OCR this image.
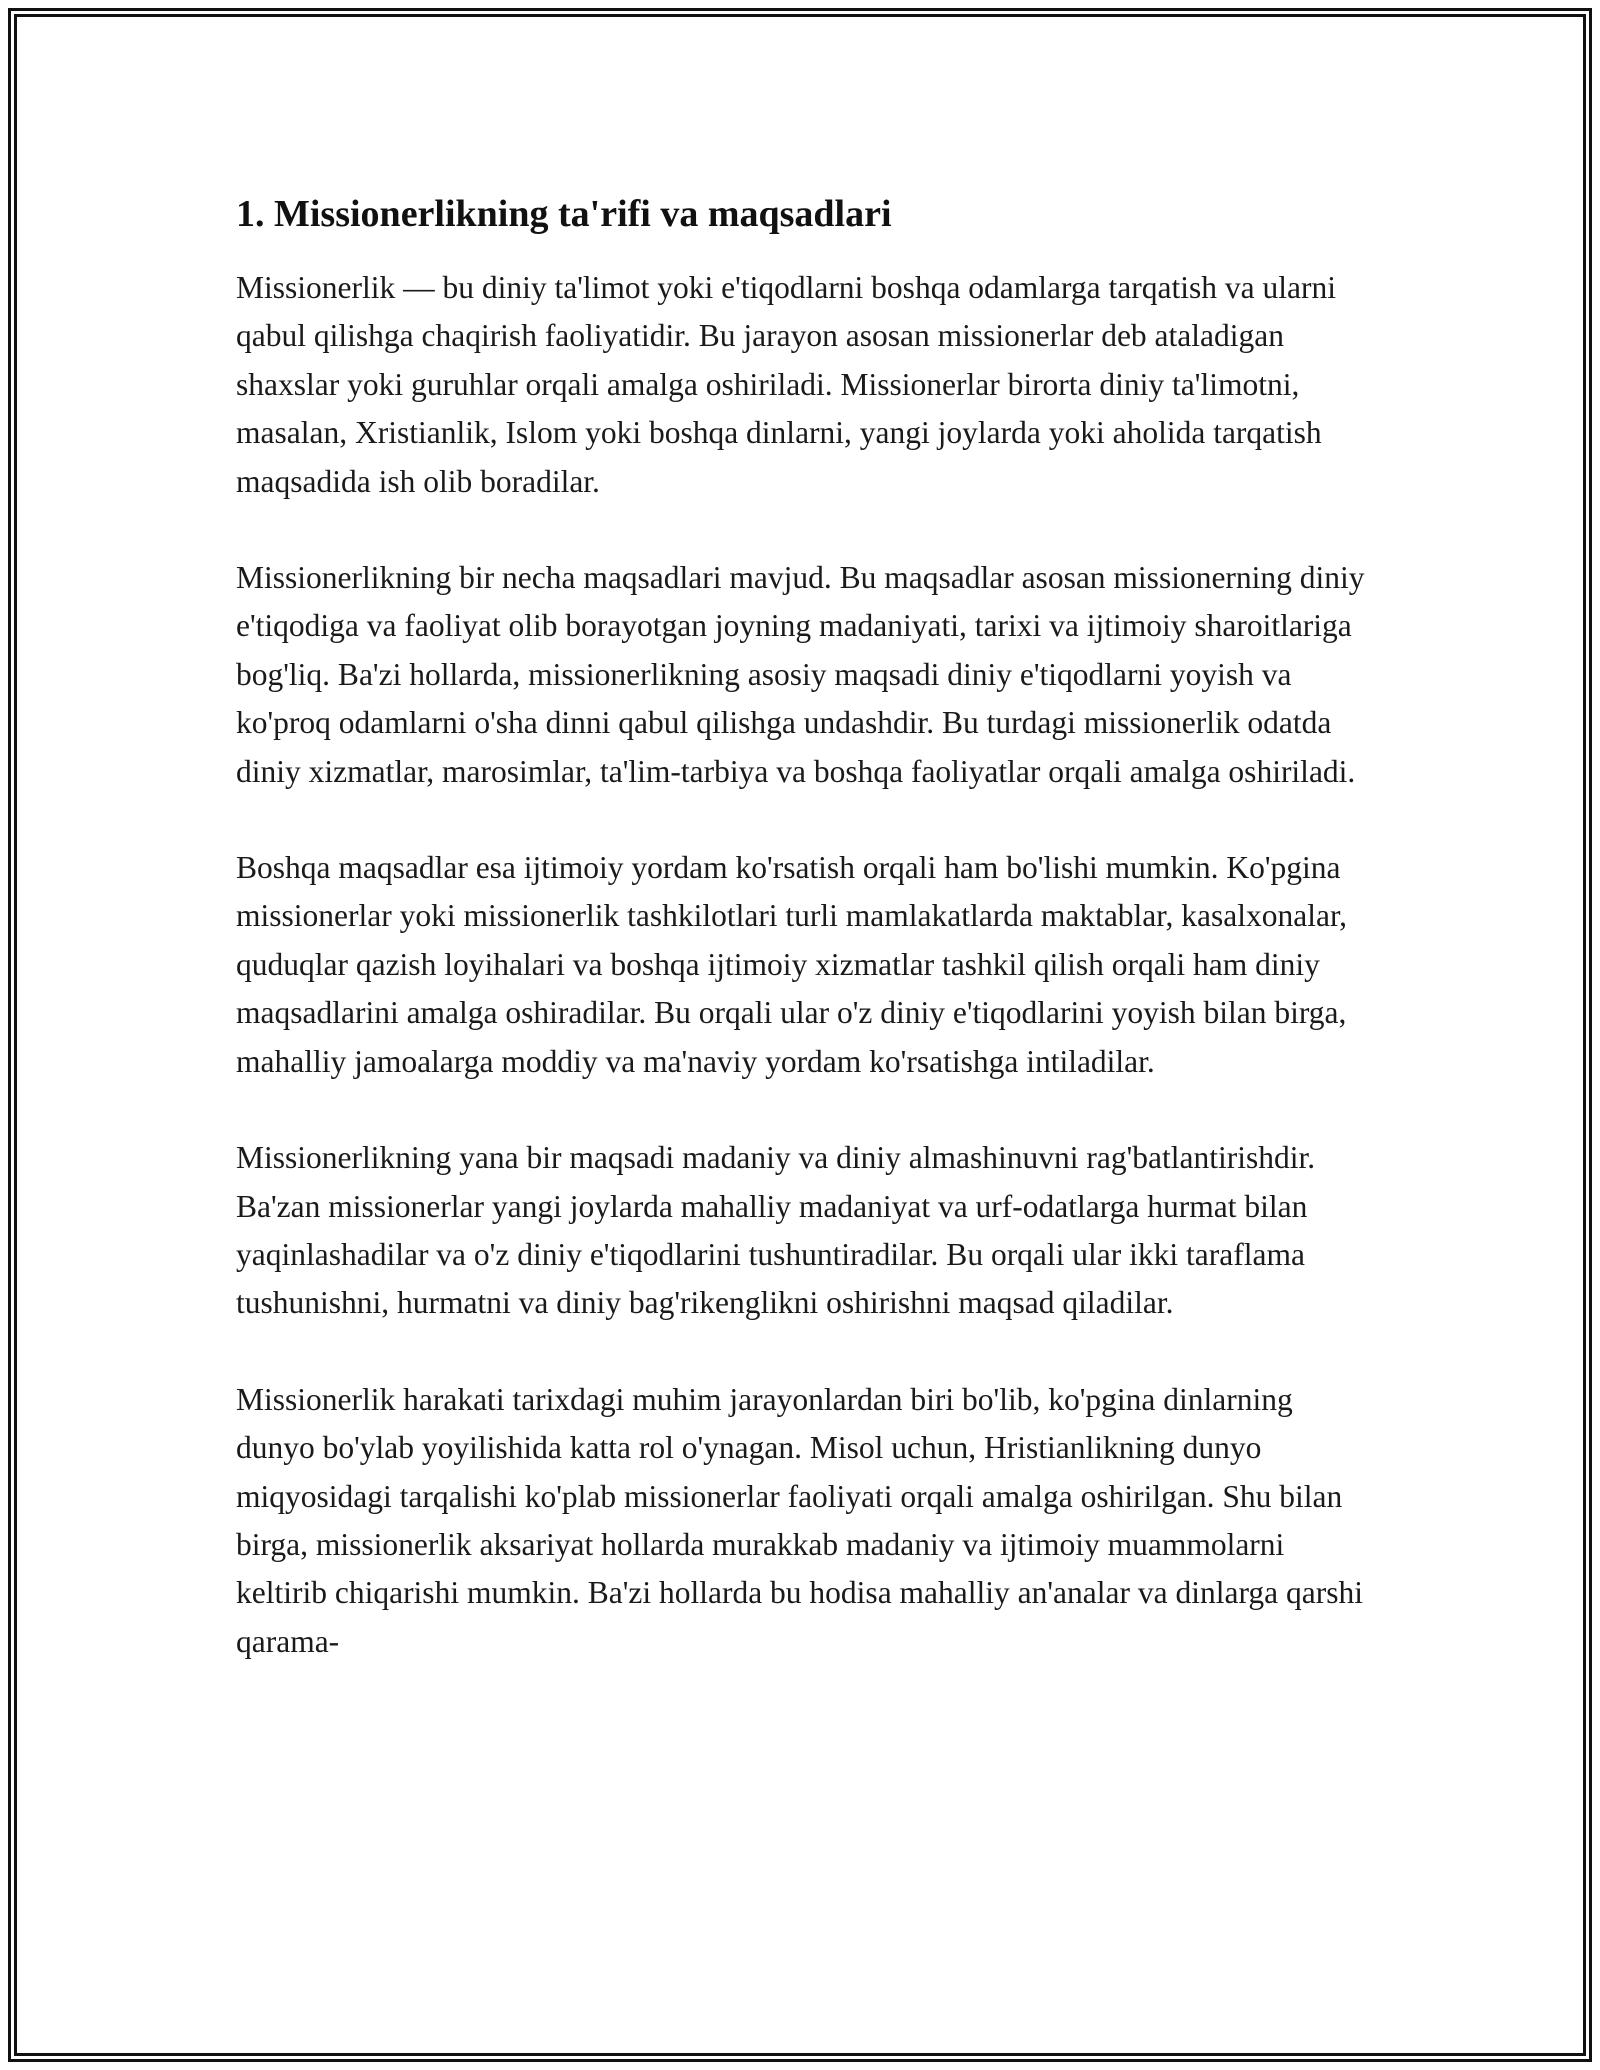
1. Missionerlikning ta'rifi va maqsadlari

Missionerlik — bu diniy ta'limot yoki e'tiqodlarni boshqa odamlarga tarqatish va ularni qabul qilishga chaqirish faoliyatidir. Bu jarayon asosan missionerlar deb ataladigan shaxslar yoki guruhlar orqali amalga oshiriladi. Missionerlar birorta diniy ta'limotni, masalan, Xristianlik, Islom yoki boshqa dinlarni, yangi joylarda yoki aholida tarqatish maqsadida ish olib boradilar.

Missionerlikning bir necha maqsadlari mavjud. Bu maqsadlar asosan missionerning diniy e'tiqodiga va faoliyat olib borayotgan joyning madaniyati, tarixi va ijtimoiy sharoitlariga bog'liq. Ba'zi hollarda, missionerlikning asosiy maqsadi diniy e'tiqodlarni yoyish va ko'proq odamlarni o'sha dinni qabul qilishga undashdir. Bu turdagi missionerlik odatda diniy xizmatlar, marosimlar, ta'lim-tarbiya va boshqa faoliyatlar orqali amalga oshiriladi.

Boshqa maqsadlar esa ijtimoiy yordam ko'rsatish orqali ham bo'lishi mumkin. Ko'pgina missionerlar yoki missionerlik tashkilotlari turli mamlakatlarda maktablar, kasalxonalar, quduqlar qazish loyihalari va boshqa ijtimoiy xizmatlar tashkil qilish orqali ham diniy maqsadlarini amalga oshiradilar. Bu orqali ular o'z diniy e'tiqodlarini yoyish bilan birga, mahalliy jamoalarga moddiy va ma'naviy yordam ko'rsatishga intiladilar.

Missionerlikning yana bir maqsadi madaniy va diniy almashinuvni rag'batlantirishdir. Ba'zan missionerlar yangi joylarda mahalliy madaniyat va urf-odatlarga hurmat bilan yaqinlashadilar va o'z diniy e'tiqodlarini tushuntiradilar. Bu orqali ular ikki taraflama tushunishni, hurmatni va diniy bag'rikenglikni oshirishni maqsad qiladilar.

Missionerlik harakati tarixdagi muhim jarayonlardan biri bo'lib, ko'pgina dinlarning dunyo bo'ylab yoyilishida katta rol o'ynagan. Misol uchun, Hristianlikning dunyo miqyosidagi tarqalishi ko'plab missionerlar faoliyati orqali amalga oshirilgan. Shu bilan birga, missionerlik aksariyat hollarda murakkab madaniy va ijtimoiy muammolarni keltirib chiqarishi mumkin. Ba'zi hollarda bu hodisa mahalliy an'analar va dinlarga qarshi qarama-
